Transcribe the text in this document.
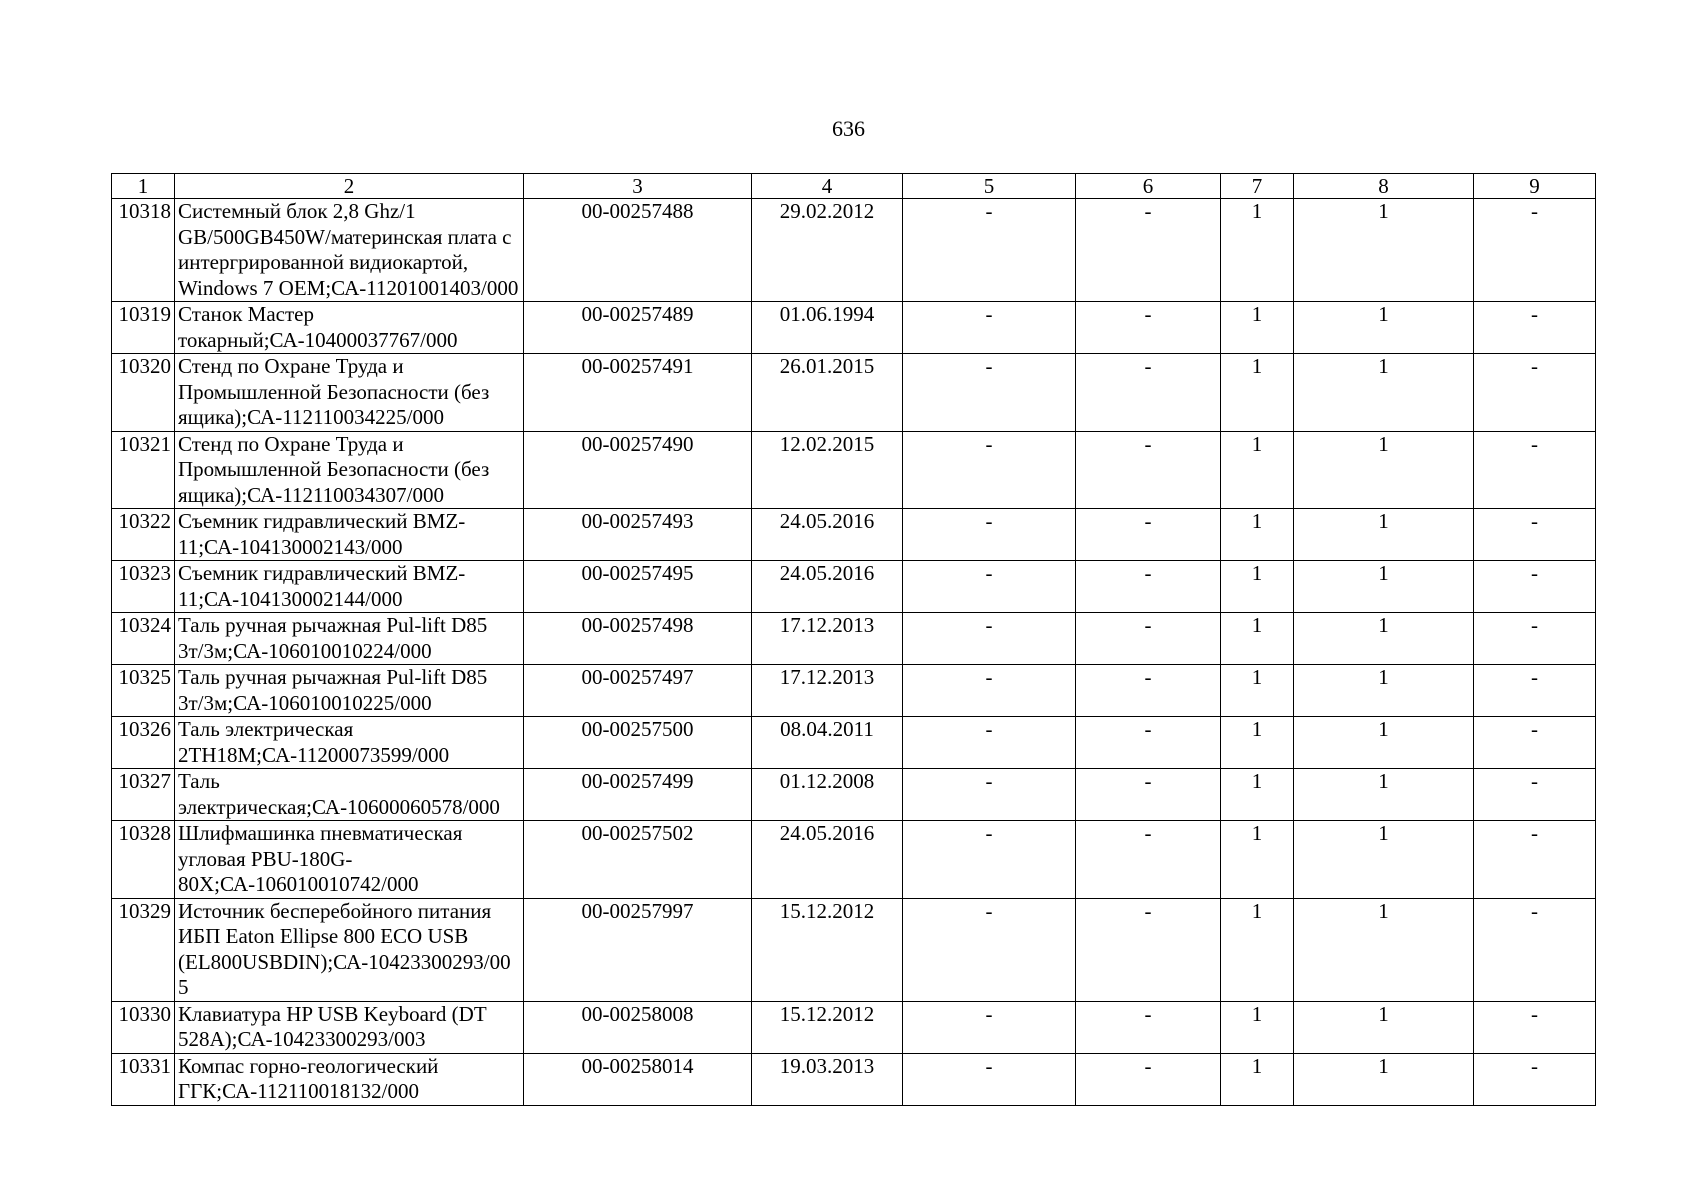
636
1	2	3	4	5	6	7	8	9
10318	Системный блок 2,8 Ghz/1 GB/500GB450W/материнская плата с интергрированной видиокартой, Windows 7 OEM;СА-11201001403/000	00-00257488	29.02.2012	-	-	1	1	-
10319	Станок Мастер токарный;СА-10400037767/000	00-00257489	01.06.1994	-	-	1	1	-
10320	Стенд по Охране Труда и Промышленной Безопасности (без ящика);СА-112110034225/000	00-00257491	26.01.2015	-	-	1	1	-
10321	Стенд по Охране Труда и Промышленной Безопасности (без ящика);СА-112110034307/000	00-00257490	12.02.2015	-	-	1	1	-
10322	Съемник гидравлический BMZ-11;СА-104130002143/000	00-00257493	24.05.2016	-	-	1	1	-
10323	Съемник гидравлический BMZ-11;СА-104130002144/000	00-00257495	24.05.2016	-	-	1	1	-
10324	Таль ручная рычажная Pul-lift D85 3т/3м;СА-106010010224/000	00-00257498	17.12.2013	-	-	1	1	-
10325	Таль ручная рычажная Pul-lift D85 3т/3м;СА-106010010225/000	00-00257497	17.12.2013	-	-	1	1	-
10326	Таль электрическая 2ТН18М;СА-11200073599/000	00-00257500	08.04.2011	-	-	1	1	-
10327	Таль электрическая;СА-10600060578/000	00-00257499	01.12.2008	-	-	1	1	-
10328	Шлифмашинка пневматическая угловая PBU-180G-80X;СА-106010010742/000	00-00257502	24.05.2016	-	-	1	1	-
10329	Источник бесперебойного питания ИБП Eaton Ellipse 800 ECO USB (EL800USBDIN);СА-10423300293/005	00-00257997	15.12.2012	-	-	1	1	-
10330	Клавиатура HP USB Keyboard (DT 528A);СА-10423300293/003	00-00258008	15.12.2012	-	-	1	1	-
10331	Компас горно-геологический ГГК;СА-112110018132/000	00-00258014	19.03.2013	-	-	1	1	-
